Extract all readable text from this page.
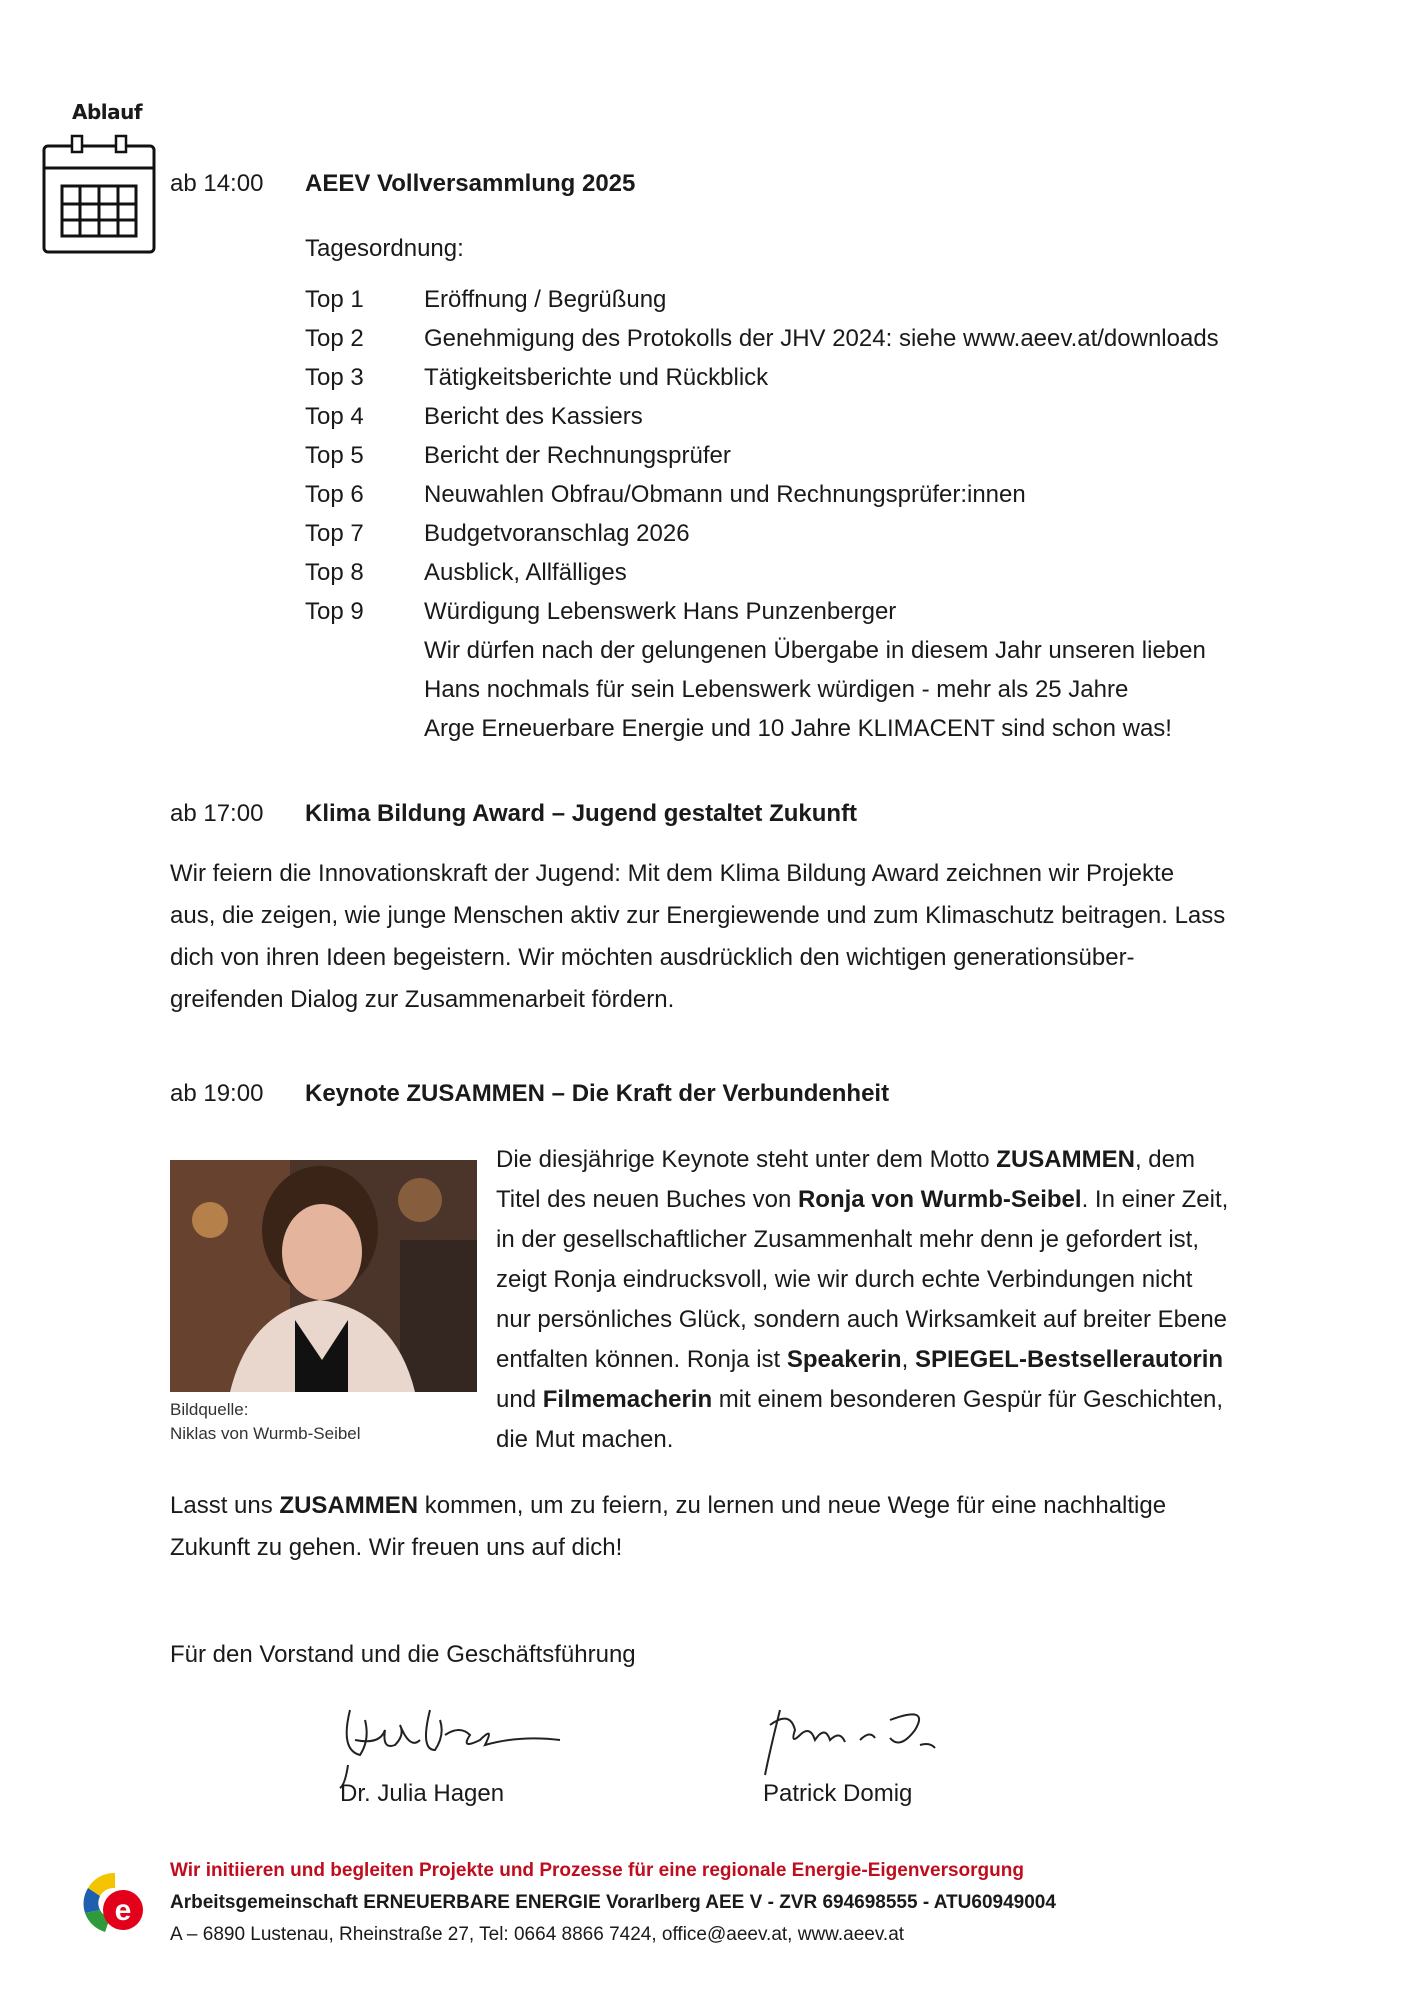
Ablauf
ab 14:00	AEEV Vollversammlung 2025
Tagesordnung:
Top 1	Eröffnung / Begrüßung
Top 2	Genehmigung des Protokolls der JHV 2024: siehe www.aeev.at/downloads
Top 3	Tätigkeitsberichte und Rückblick
Top 4	Bericht des Kassiers
Top 5	Bericht der Rechnungsprüfer
Top 6	Neuwahlen Obfrau/Obmann und Rechnungsprüfer:innen
Top 7	Budgetvoranschlag 2026
Top 8	Ausblick, Allfälliges
Top 9	Würdigung Lebenswerk Hans Punzenberger
Wir dürfen nach der gelungenen Übergabe in diesem Jahr unseren lieben
Hans nochmals für sein Lebenswerk würdigen - mehr als 25 Jahre
Arge Erneuerbare Energie und 10 Jahre KLIMACENT sind schon was!
ab 17:00	Klima Bildung Award – Jugend gestaltet Zukunft
Wir feiern die Innovationskraft der Jugend: Mit dem Klima Bildung Award zeichnen wir Projekte
aus, die zeigen, wie junge Menschen aktiv zur Energiewende und zum Klimaschutz beitragen. Lass
dich von ihren Ideen begeistern. Wir möchten ausdrücklich den wichtigen generationsüber-
greifenden Dialog zur Zusammenarbeit fördern.
ab 19:00	Keynote ZUSAMMEN – Die Kraft der Verbundenheit
Bildquelle:
Niklas von Wurmb-Seibel
Die diesjährige Keynote steht unter dem Motto ZUSAMMEN, dem
Titel des neuen Buches von Ronja von Wurmb-Seibel. In einer Zeit,
in der gesellschaftlicher Zusammenhalt mehr denn je gefordert ist,
zeigt Ronja eindrucksvoll, wie wir durch echte Verbindungen nicht
nur persönliches Glück, sondern auch Wirksamkeit auf breiter Ebene
entfalten können. Ronja ist Speakerin, SPIEGEL-Bestsellerautorin
und Filmemacherin mit einem besonderen Gespür für Geschichten,
die Mut machen.
Lasst uns ZUSAMMEN kommen, um zu feiern, zu lernen und neue Wege für eine nachhaltige
Zukunft zu gehen. Wir freuen uns auf dich!
Für den Vorstand und die Geschäftsführung
Dr. Julia Hagen	Patrick Domig
e
Wir initiieren und begleiten Projekte und Prozesse für eine regionale Energie-Eigenversorgung
Arbeitsgemeinschaft ERNEUERBARE ENERGIE Vorarlberg AEE V - ZVR 694698555 - ATU60949004
A – 6890 Lustenau, Rheinstraße 27, Tel: 0664 8866 7424, office@aeev.at, www.aeev.at
